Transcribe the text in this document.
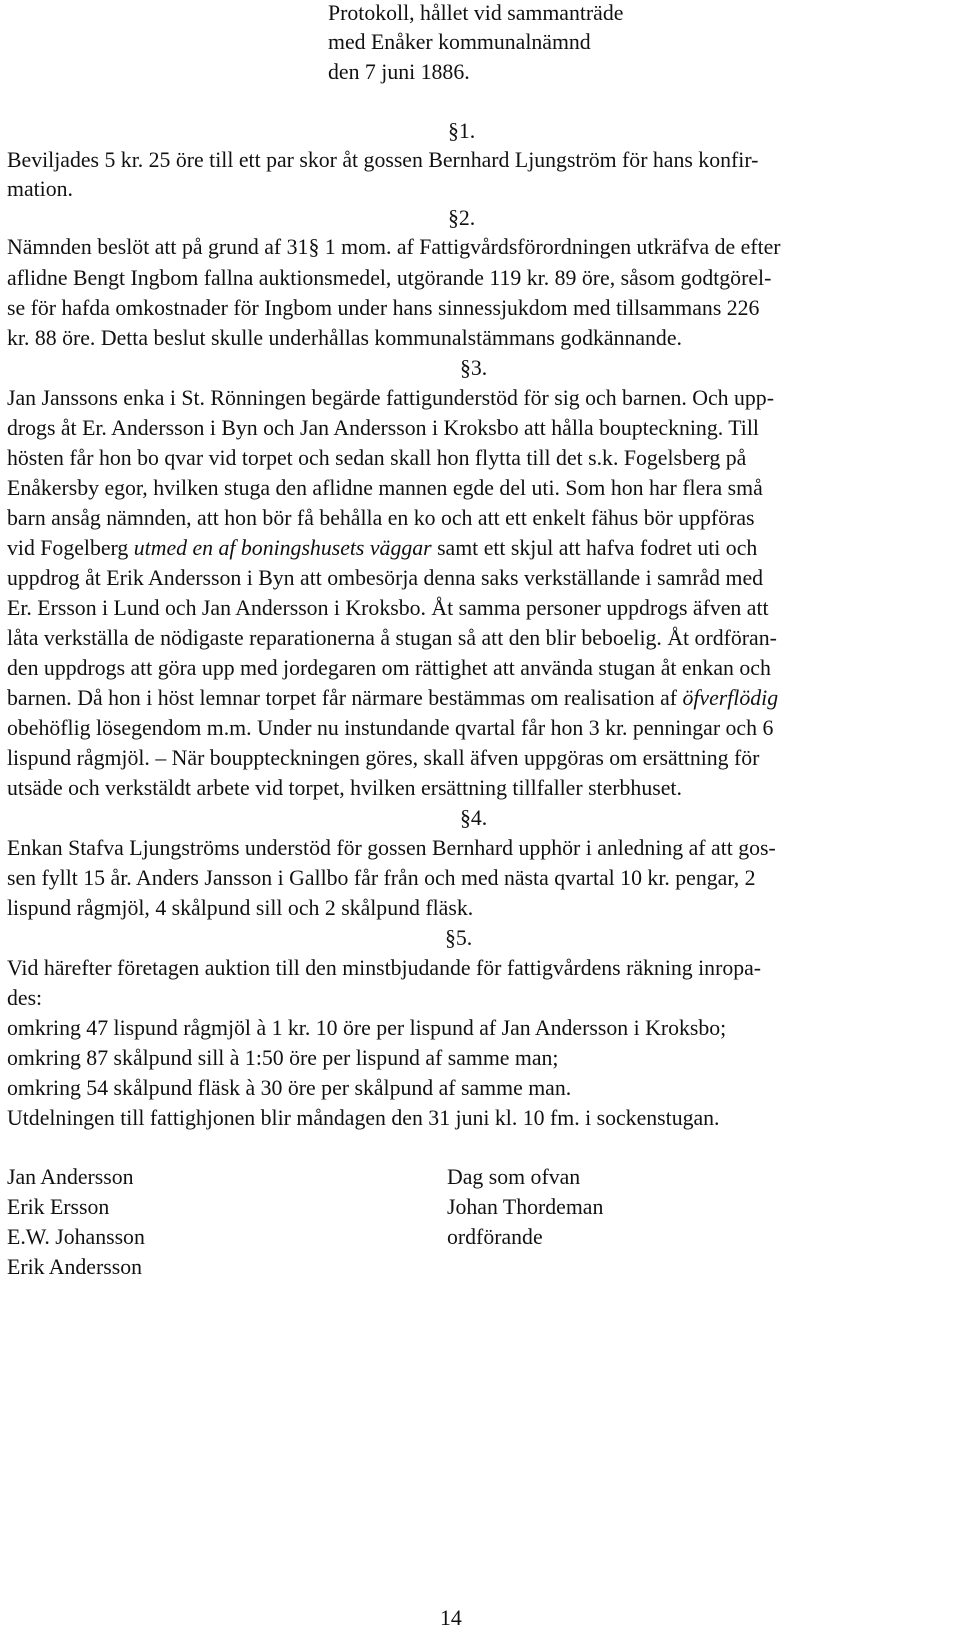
Protokoll, hållet vid sammanträde
med Enåker kommunalnämnd
den 7 juni 1886.
§1.
Beviljades 5 kr. 25 öre till ett par skor åt gossen Bernhard Ljungström för hans konfir-
mation.
§2.
Nämnden beslöt att på grund af 31§ 1 mom. af Fattigvårdsförordningen utkräfva de efter
aflidne Bengt Ingbom fallna auktionsmedel, utgörande 119 kr. 89 öre, såsom godtgörel-
se för hafda omkostnader för Ingbom under hans sinnessjukdom med tillsammans 226
kr. 88 öre. Detta beslut skulle underhållas kommunalstämmans godkännande.
§3.
Jan Janssons enka i St. Rönningen begärde fattigunderstöd för sig och barnen. Och upp-
drogs åt Er. Andersson i Byn och Jan Andersson i Kroksbo att hålla boupteckning. Till
hösten får hon bo qvar vid torpet och sedan skall hon flytta till det s.k. Fogelsberg på
Enåkersby egor, hvilken stuga den aflidne mannen egde del uti. Som hon har flera små
barn ansåg nämnden, att hon bör få behålla en ko och att ett enkelt fähus bör uppföras
vid Fogelberg utmed en af boningshusets väggar samt ett skjul att hafva fodret uti och
uppdrog åt Erik Andersson i Byn att ombesörja denna saks verkställande i samråd med
Er. Ersson i Lund och Jan Andersson i Kroksbo. Åt samma personer uppdrogs äfven att
låta verkställa de nödigaste reparationerna å stugan så att den blir beboelig. Åt ordföran-
den uppdrogs att göra upp med jordegaren om rättighet att använda stugan åt enkan och
barnen. Då hon i höst lemnar torpet får närmare bestämmas om realisation af öfverflödig
obehöflig lösegendom m.m. Under nu instundande qvartal får hon 3 kr. penningar och 6
lispund rågmjöl. – När bouppteckningen göres, skall äfven uppgöras om ersättning för
utsäde och verkstäldt arbete vid torpet, hvilken ersättning tillfaller sterbhuset.
§4.
Enkan Stafva Ljungströms understöd för gossen Bernhard upphör i anledning af att gos-
sen fyllt 15 år. Anders Jansson i Gallbo får från och med nästa qvartal 10 kr. pengar, 2
lispund rågmjöl, 4 skålpund sill och 2 skålpund fläsk.
§5.
Vid härefter företagen auktion till den minstbjudande för fattigvårdens räkning inropa-
des:
omkring 47 lispund rågmjöl à 1 kr. 10 öre per lispund af Jan Andersson i Kroksbo;
omkring 87 skålpund sill à 1:50 öre per lispund af samme man;
omkring 54 skålpund fläsk à 30 öre per skålpund af samme man.
Utdelningen till fattighjonen blir måndagen den 31 juni kl. 10 fm. i sockenstugan.
Jan Andersson
Erik Ersson
E.W. Johansson
Erik Andersson
Dag som ofvan
Johan Thordeman
ordförande
14
